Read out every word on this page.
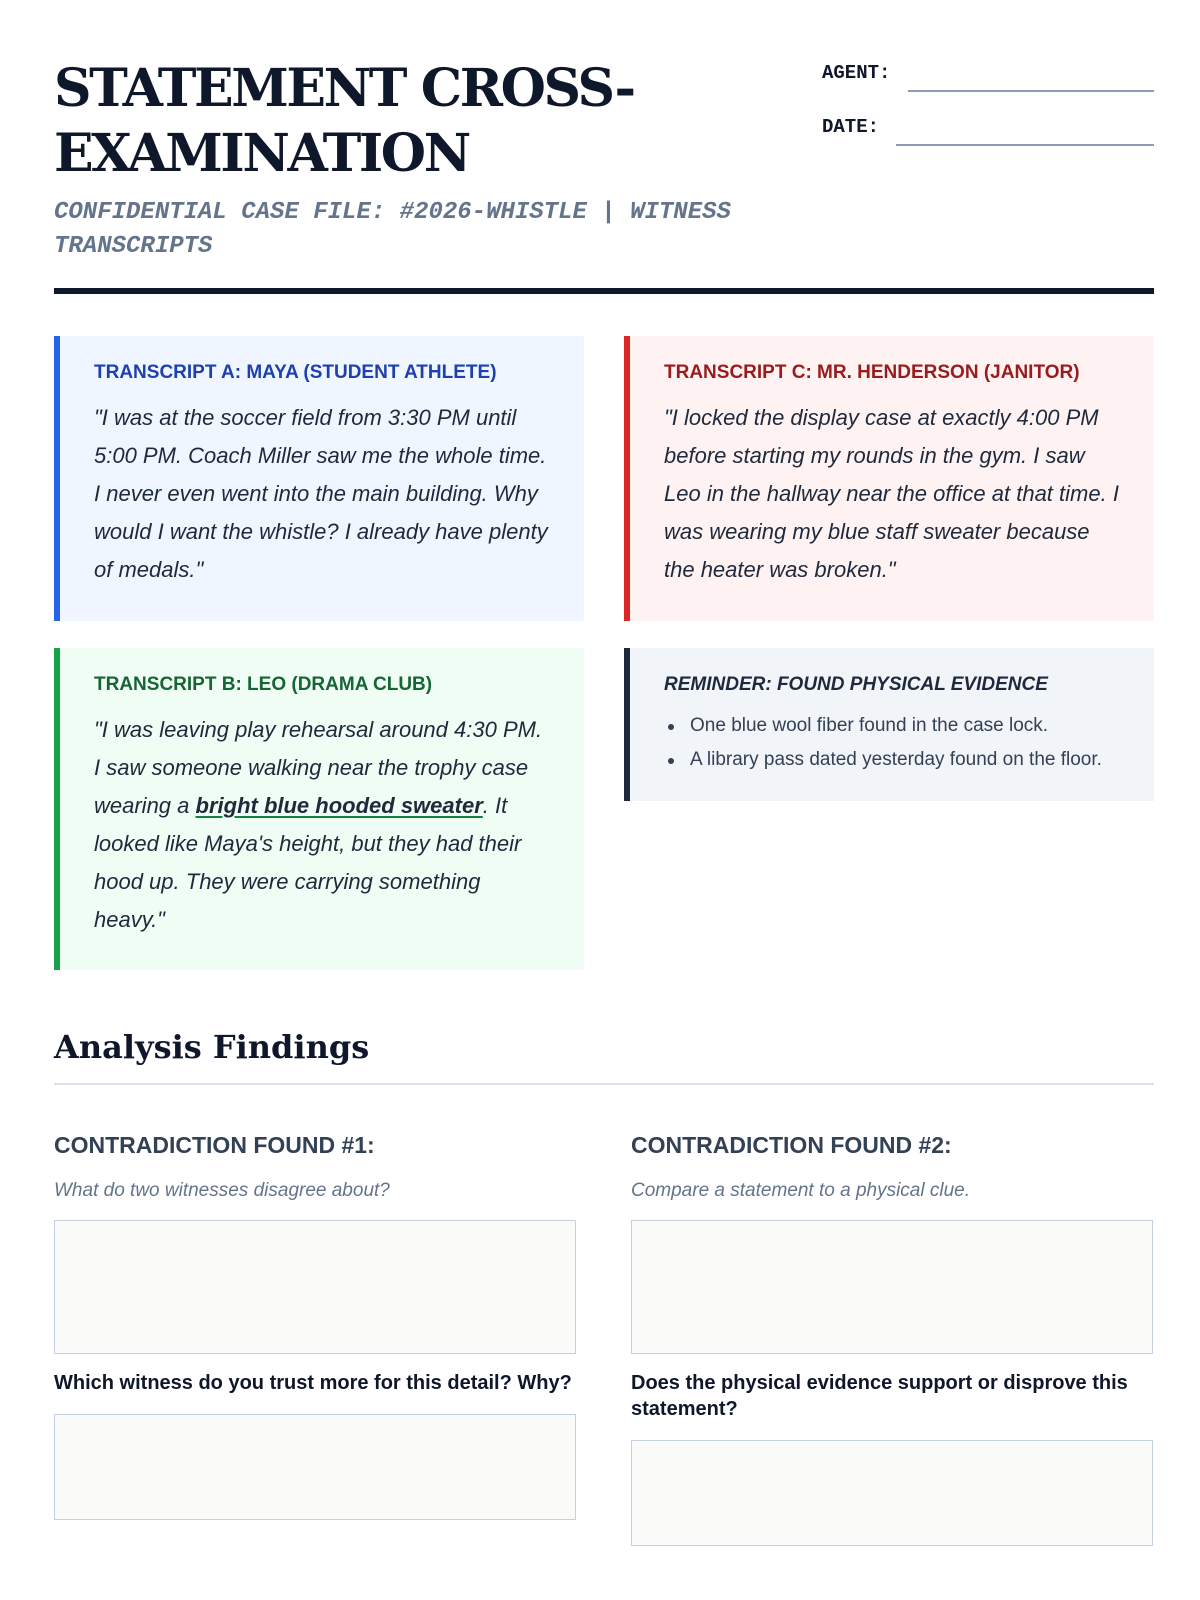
STATEMENT CROSS-EXAMINATION
CONFIDENTIAL CASE FILE: #2026-WHISTLE | WITNESS TRANSCRIPTS
AGENT:
DATE:
TRANSCRIPT A: MAYA (STUDENT ATHLETE)

"I was at the soccer field from 3:30 PM until 5:00 PM. Coach Miller saw me the whole time. I never even went into the main building. Why would I want the whistle? I already have plenty of medals."

TRANSCRIPT C: MR. HENDERSON (JANITOR)

"I locked the display case at exactly 4:00 PM before starting my rounds in the gym. I saw Leo in the hallway near the office at that time. I was wearing my blue staff sweater because the heater was broken."

TRANSCRIPT B: LEO (DRAMA CLUB)

"I was leaving play rehearsal around 4:30 PM. I saw someone walking near the trophy case wearing a bright blue hooded sweater. It looked like Maya's height, but they had their hood up. They were carrying something heavy."

REMINDER: FOUND PHYSICAL EVIDENCE
One blue wool fiber found in the case lock.
A library pass dated yesterday found on the floor.
Analysis Findings
CONTRADICTION FOUND #1:
What do two witnesses disagree about?
Which witness do you trust more for this detail? Why?
CONTRADICTION FOUND #2:
Compare a statement to a physical clue.
Does the physical evidence support or disprove this statement?
